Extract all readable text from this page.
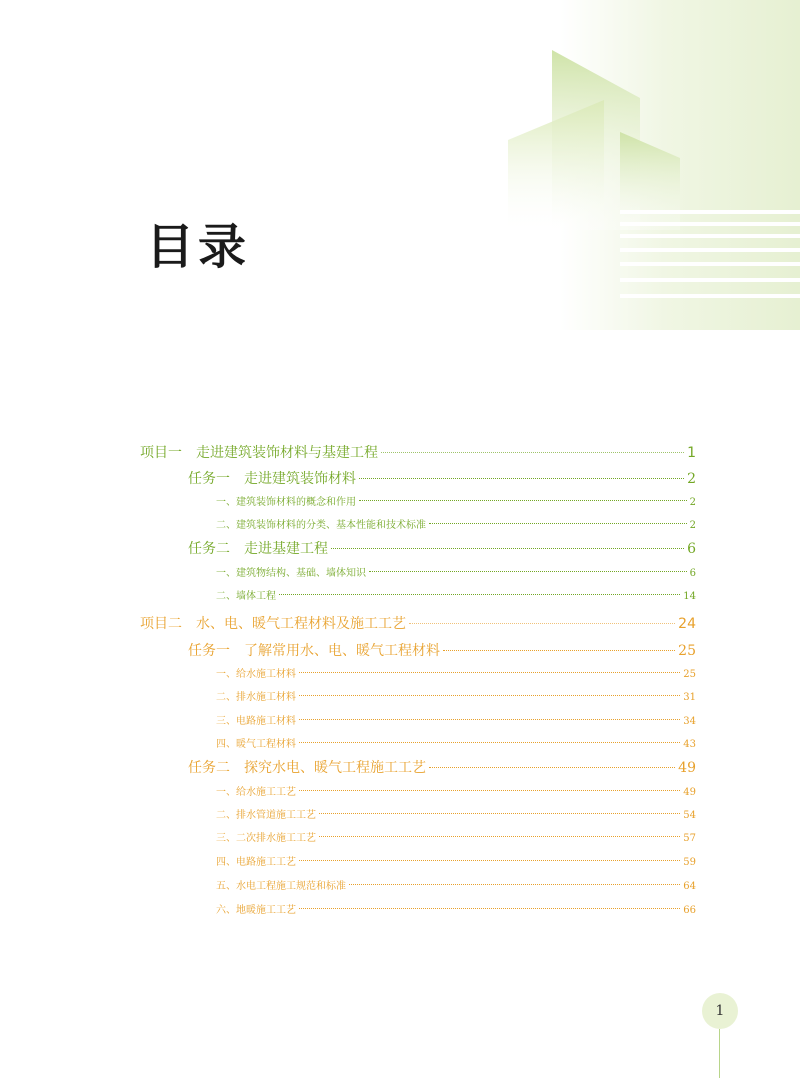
目录
项目一　走进建筑装饰材料与基建工程	1
任务一　走进建筑装饰材料	2
一、建筑装饰材料的概念和作用	2
二、建筑装饰材料的分类、基本性能和技术标准	2
任务二　走进基建工程	6
一、建筑物结构、基础、墙体知识	6
二、墙体工程	14
项目二　水、电、暖气工程材料及施工工艺	24
任务一　了解常用水、电、暖气工程材料	25
一、给水施工材料	25
二、排水施工材料	31
三、电路施工材料	34
四、暖气工程材料	43
任务二　探究水电、暖气工程施工工艺	49
一、给水施工工艺	49
二、排水管道施工工艺	54
三、二次排水施工工艺	57
四、电路施工工艺	59
五、水电工程施工规范和标准	64
六、地暖施工工艺	66
1
